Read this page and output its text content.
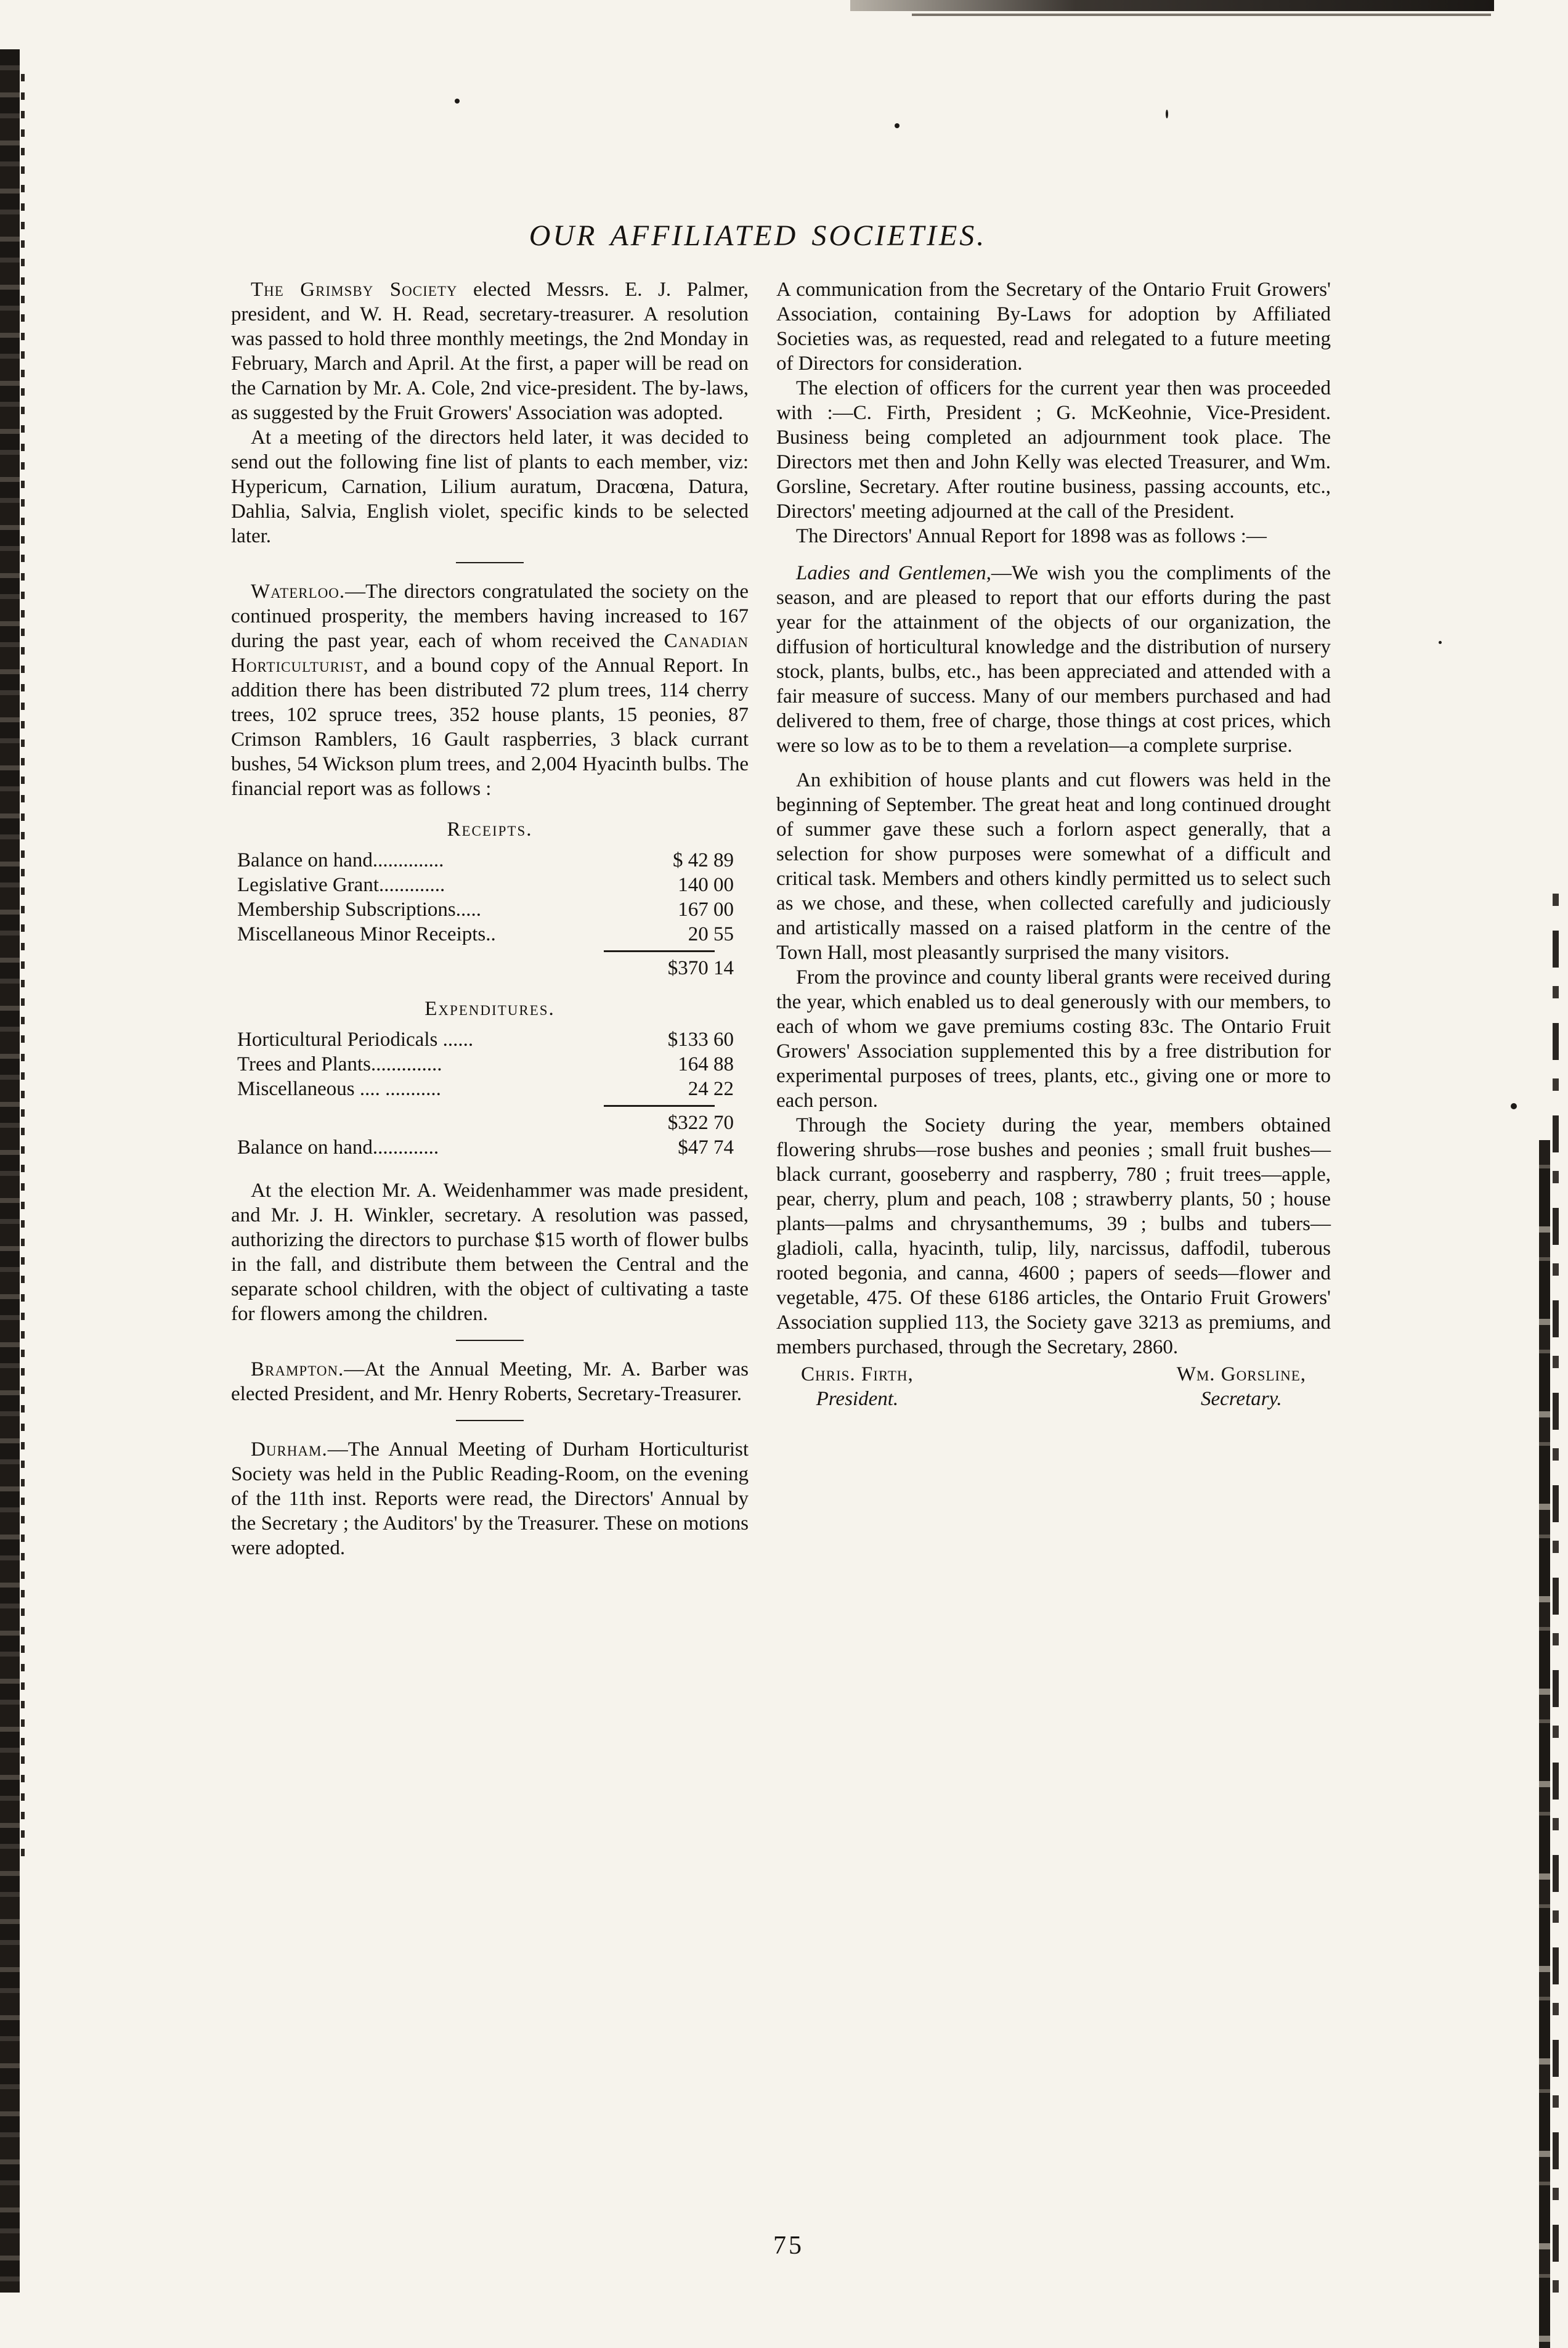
OUR AFFILIATED SOCIETIES.

The Grimsby Society elected Messrs. E. J. Palmer, president, and W. H. Read, secretary-treasurer. A resolution was passed to hold three monthly meetings, the 2nd Monday in February, March and April. At the first, a paper will be read on the Carnation by Mr. A. Cole, 2nd vice-president. The by-laws, as suggested by the Fruit Growers' Association was adopted.

At a meeting of the directors held later, it was decided to send out the following fine list of plants to each member, viz: Hypericum, Carnation, Lilium auratum, Dracœna, Datura, Dahlia, Salvia, English violet, specific kinds to be selected later.

Waterloo.—The directors congratulated the society on the continued prosperity, the members having increased to 167 during the past year, each of whom received the Canadian Horticulturist, and a bound copy of the Annual Report. In addition there has been distributed 72 plum trees, 114 cherry trees, 102 spruce trees, 352 house plants, 15 peonies, 87 Crimson Ramblers, 16 Gault raspberries, 3 black currant bushes, 54 Wickson plum trees, and 2,004 Hyacinth bulbs. The financial report was as follows :

Receipts.
Balance on hand..............	$ 42 89
Legislative Grant.............	140 00
Membership Subscriptions.....	167 00
Miscellaneous Minor Receipts..	20 55
$370 14
Expenditures.
Horticultural Periodicals ......	$133 60
Trees and Plants..............	164 88
Miscellaneous .... ...........	24 22
$322 70
Balance on hand.............	$47 74

At the election Mr. A. Weidenhammer was made president, and Mr. J. H. Winkler, secretary. A resolution was passed, authorizing the directors to purchase $15 worth of flower bulbs in the fall, and distribute them between the Central and the separate school children, with the object of cultivating a taste for flowers among the children.

Brampton.—At the Annual Meeting, Mr. A. Barber was elected President, and Mr. Henry Roberts, Secretary-Treasurer.

Durham.—The Annual Meeting of Durham Horticulturist Society was held in the Public Reading-Room, on the evening of the 11th inst. Reports were read, the Directors' Annual by the Secretary ; the Auditors' by the Treasurer. These on motions were adopted.

A communication from the Secretary of the Ontario Fruit Growers' Association, containing By-Laws for adoption by Affiliated Societies was, as requested, read and relegated to a future meeting of Directors for consideration.

The election of officers for the current year then was proceeded with :—C. Firth, President ; G. McKeohnie, Vice-President. Business being completed an adjournment took place. The Directors met then and John Kelly was elected Treasurer, and Wm. Gorsline, Secretary. After routine business, passing accounts, etc., Directors' meeting adjourned at the call of the President.

The Directors' Annual Report for 1898 was as follows :—

Ladies and Gentlemen,—We wish you the compliments of the season, and are pleased to report that our efforts during the past year for the attainment of the objects of our organization, the diffusion of horticultural knowledge and the distribution of nursery stock, plants, bulbs, etc., has been appreciated and attended with a fair measure of success. Many of our members purchased and had delivered to them, free of charge, those things at cost prices, which were so low as to be to them a revelation—a complete surprise.

An exhibition of house plants and cut flowers was held in the beginning of September. The great heat and long continued drought of summer gave these such a forlorn aspect generally, that a selection for show purposes were somewhat of a difficult and critical task. Members and others kindly permitted us to select such as we chose, and these, when collected carefully and judiciously and artistically massed on a raised platform in the centre of the Town Hall, most pleasantly surprised the many visitors.

From the province and county liberal grants were received during the year, which enabled us to deal generously with our members, to each of whom we gave premiums costing 83c. The Ontario Fruit Growers' Association supplemented this by a free distribution for experimental purposes of trees, plants, etc., giving one or more to each person.

Through the Society during the year, members obtained flowering shrubs—rose bushes and peonies ; small fruit bushes—black currant, gooseberry and raspberry, 780 ; fruit trees—apple, pear, cherry, plum and peach, 108 ; strawberry plants, 50 ; house plants—palms and chrysanthemums, 39 ; bulbs and tubers—gladioli, calla, hyacinth, tulip, lily, narcissus, daffodil, tuberous rooted begonia, and canna, 4600 ; papers of seeds—flower and vegetable, 475. Of these 6186 articles, the Ontario Fruit Growers' Association supplied 113, the Society gave 3213 as premiums, and members purchased, through the Secretary, 2860.

Chris. Firth,
President.
Wm. Gorsline,
Secretary.
75
